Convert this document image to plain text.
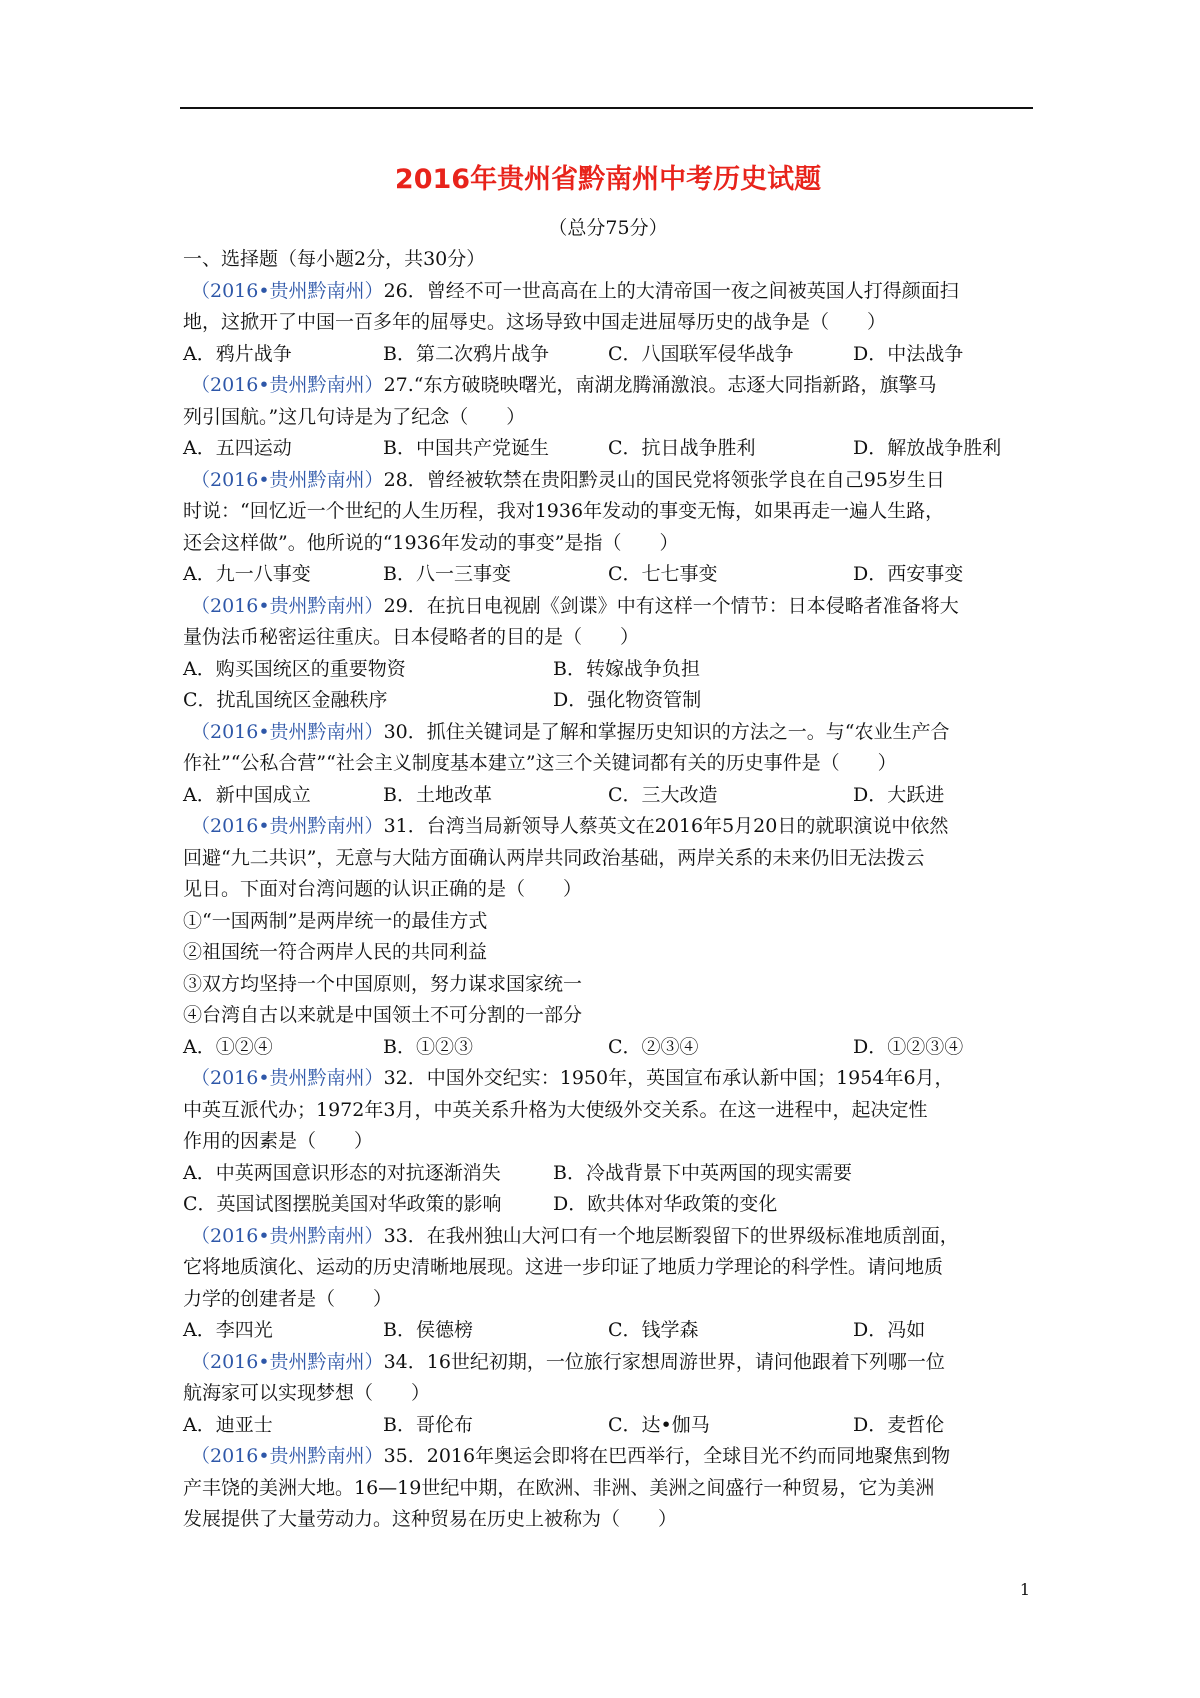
2016年贵州省黔南州中考历史试题
（总分75分）
一、选择题（每小题2分，共30分）
（2016•贵州黔南州）26．曾经不可一世高高在上的大清帝国一夜之间被英国人打得颜面扫
地，这掀开了中国一百多年的屈辱史。这场导致中国走进屈辱历史的战争是（　　）
A．鸦片战争	B．第二次鸦片战争	C．八国联军侵华战争	D．中法战争
（2016•贵州黔南州）27.“东方破晓映曙光，南湖龙腾涌激浪。志逐大同指新路，旗擎马
列引国航。”这几句诗是为了纪念（　　）
A．五四运动	B．中国共产党诞生	C．抗日战争胜利	D．解放战争胜利
（2016•贵州黔南州）28．曾经被软禁在贵阳黔灵山的国民党将领张学良在自己95岁生日
时说：“回忆近一个世纪的人生历程，我对1936年发动的事变无悔，如果再走一遍人生路，
还会这样做”。他所说的“1936年发动的事变”是指（　　）
A．九一八事变	B．八一三事变	C．七七事变	D．西安事变
（2016•贵州黔南州）29．在抗日电视剧《剑谍》中有这样一个情节：日本侵略者准备将大
量伪法币秘密运往重庆。日本侵略者的目的是（　　）
A．购买国统区的重要物资	B．转嫁战争负担
C．扰乱国统区金融秩序	D．强化物资管制
（2016•贵州黔南州）30．抓住关键词是了解和掌握历史知识的方法之一。与“农业生产合
作社”“公私合营”“社会主义制度基本建立”这三个关键词都有关的历史事件是（　　）
A．新中国成立	B．土地改革	C．三大改造	D．大跃进
（2016•贵州黔南州）31．台湾当局新领导人蔡英文在2016年5月20日的就职演说中依然
回避“九二共识”，无意与大陆方面确认两岸共同政治基础，两岸关系的未来仍旧无法拨云
见日。下面对台湾问题的认识正确的是（　　）
①“一国两制”是两岸统一的最佳方式
②祖国统一符合两岸人民的共同利益
③双方均坚持一个中国原则，努力谋求国家统一
④台湾自古以来就是中国领土不可分割的一部分
A．①②④	B．①②③	C．②③④	D．①②③④
（2016•贵州黔南州）32．中国外交纪实：1950年，英国宣布承认新中国；1954年6月，
中英互派代办；1972年3月，中英关系升格为大使级外交关系。在这一进程中，起决定性
作用的因素是（　　）
A．中英两国意识形态的对抗逐渐消失	B．冷战背景下中英两国的现实需要
C．英国试图摆脱美国对华政策的影响	D．欧共体对华政策的变化
（2016•贵州黔南州）33．在我州独山大河口有一个地层断裂留下的世界级标准地质剖面，
它将地质演化、运动的历史清晰地展现。这进一步印证了地质力学理论的科学性。请问地质
力学的创建者是（　　）
A．李四光	B．侯德榜	C．钱学森	D．冯如
（2016•贵州黔南州）34．16世纪初期，一位旅行家想周游世界，请问他跟着下列哪一位
航海家可以实现梦想（　　）
A．迪亚士	B．哥伦布	C．达•伽马	D．麦哲伦
（2016•贵州黔南州）35．2016年奥运会即将在巴西举行，全球目光不约而同地聚焦到物
产丰饶的美洲大地。16—19世纪中期，在欧洲、非洲、美洲之间盛行一种贸易，它为美洲
发展提供了大量劳动力。这种贸易在历史上被称为（　　）
1
